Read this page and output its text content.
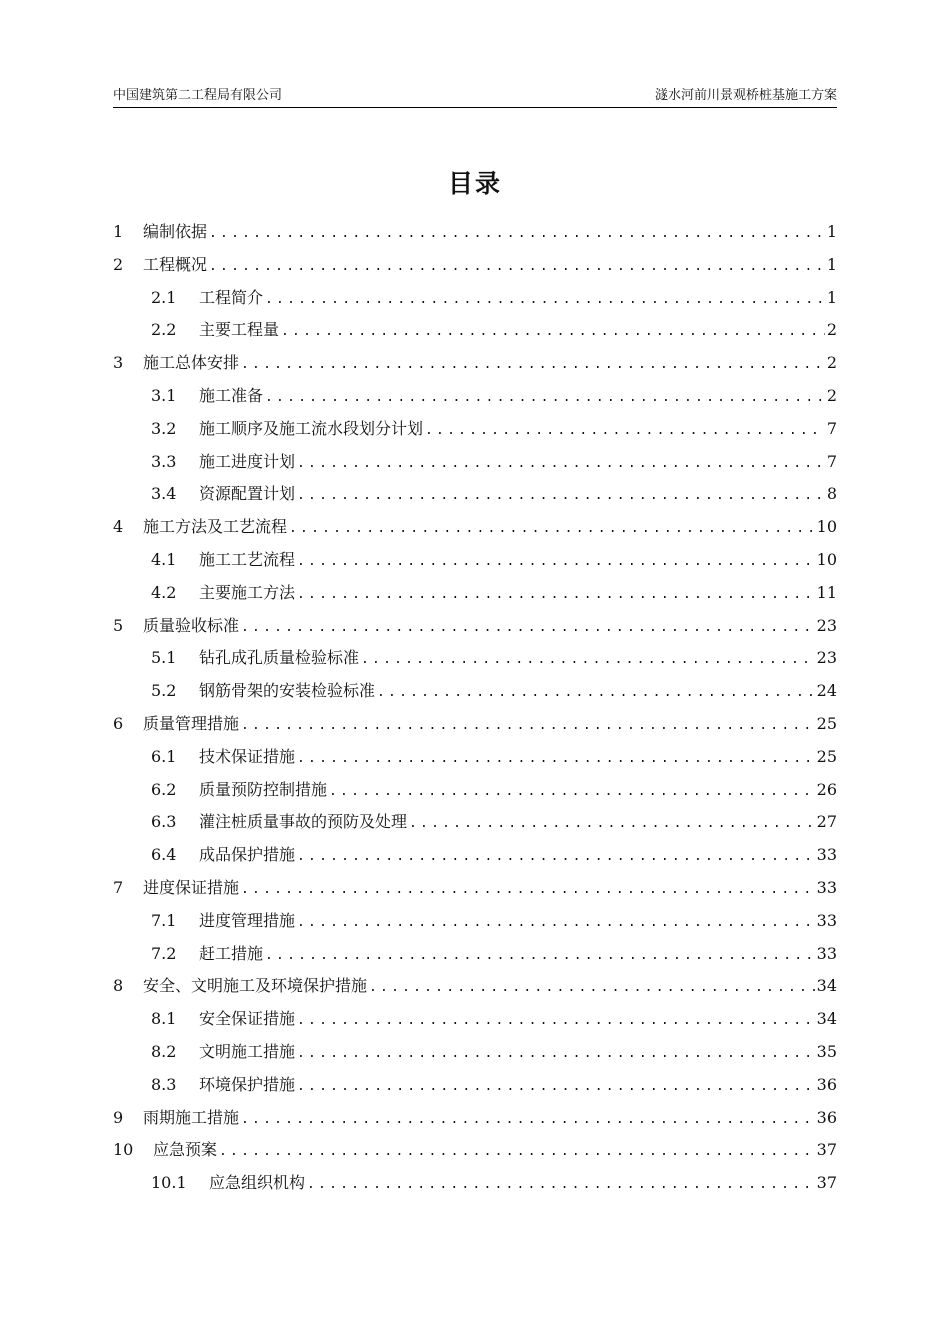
中国建筑第二工程局有限公司	澻水河前川景观桥桩基施工方案
目录
1	编制依据 .....	1
2	工程概况 .....	1
2.1	工程简介 .....	1
2.2	主要工程量 .....	2
3	施工总体安排 .....	2
3.1	施工准备 .....	2
3.2	施工顺序及施工流水段划分计划 .....	7
3.3	施工进度计划 .....	7
3.4	资源配置计划 .....	8
4	施工方法及工艺流程 .....	10
4.1	施工工艺流程 .....	10
4.2	主要施工方法 .....	11
5	质量验收标准 .....	23
5.1	钻孔成孔质量检验标准 .....	23
5.2	钢筋骨架的安装检验标准 .....	24
6	质量管理措施 .....	25
6.1	技术保证措施 .....	25
6.2	质量预防控制措施 .....	26
6.3	灌注桩质量事故的预防及处理 .....	27
6.4	成品保护措施 .....	33
7	进度保证措施 .....	33
7.1	进度管理措施 .....	33
7.2	赶工措施 .....	33
8	安全、文明施工及环境保护措施 .....	34
8.1	安全保证措施 .....	34
8.2	文明施工措施 .....	35
8.3	环境保护措施 .....	36
9	雨期施工措施 .....	36
10	应急预案 .....	37
10.1	应急组织机构 .....	37
